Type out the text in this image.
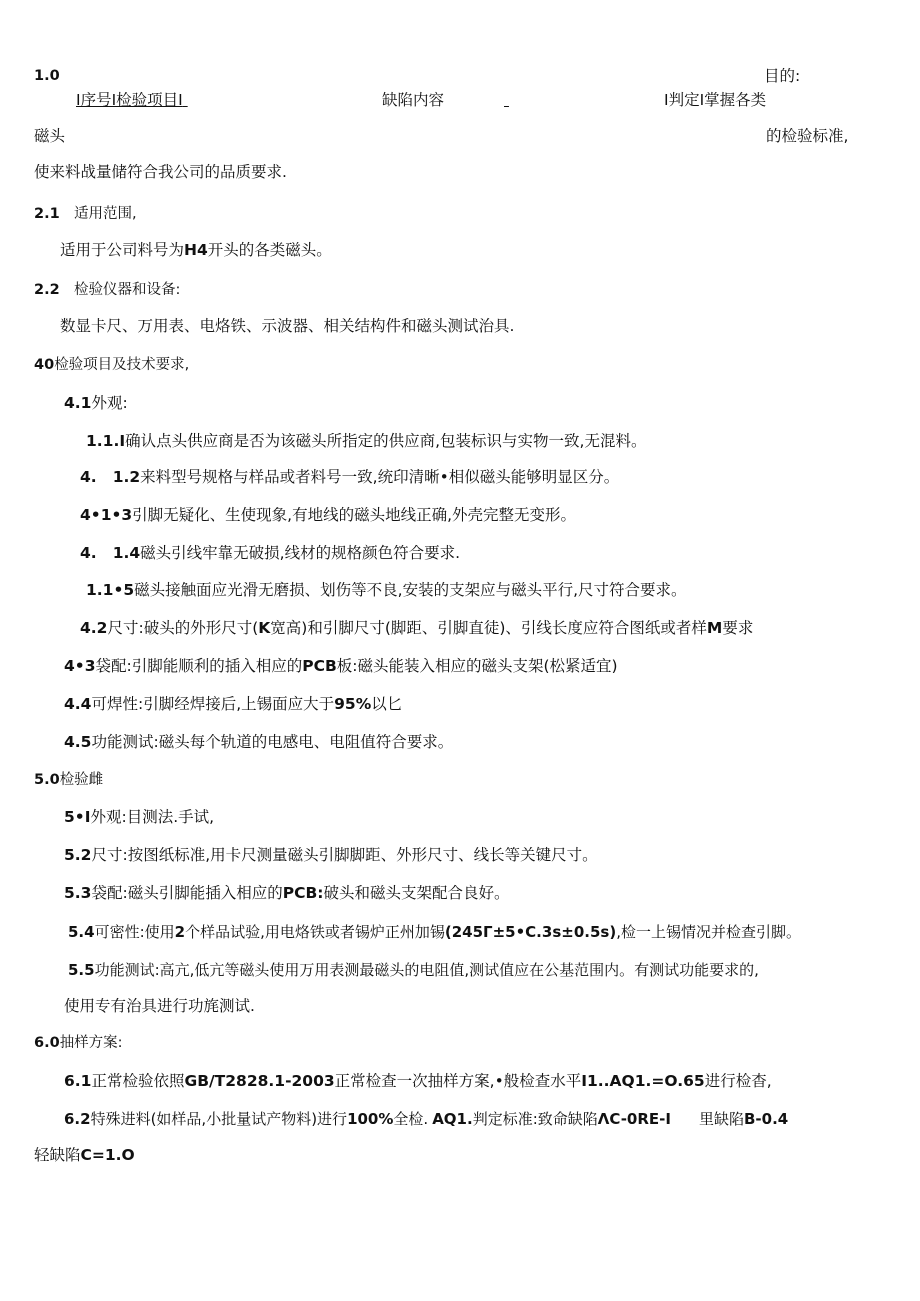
1.0	目的:
I序号I检验项目I	缺陷内容
	I判定I掌握各类
磁头	的检验标准,
使来料战量储符合我公司的品质要求.
2.1 适用范围,
适用于公司料号为H4开头的各类磁头。
2.2 检验仪器和设备:
数显卡尺、万用表、电烙铁、示波器、相关结构件和磁头测试治具.
40检验项目及技术要求,
4.1外观:
1.1.I确认点头供应商是否为该磁头所指定的供应商,包装标识与实物一致,无混料。
4. 1.2来料型号规格与样品或者料号一致,统印清晰•相似磁头能够明显区分。
4•1•3引脚无疑化、生使现象,有地线的磁头地线正确,外壳完整无变形。
4. 1.4磁头引线牢靠无破损,线材的规格颜色符合要求.
1.1•5磁头接触面应光滑无磨损、划伤等不良,安装的支架应与磁头平行,尺寸符合要求。
4.2尺寸:破头的外形尺寸(K宽高)和引脚尺寸(脚距、引脚直徒)、引线长度应符合图纸或者样M要求
4•3袋配:引脚能顺利的插入相应的PCB板:磁头能装入相应的磁头支架(松紧适宜)
4.4可焊性:引脚经焊接后,上锡面应大于95%以匕
4.5功能测试:磁头每个轨道的电感电、电阻值符合要求。
5.0检验雌
5•I外观:目测法.手试,
5.2尺寸:按图纸标准,用卡尺测量磁头引脚脚距、外形尺寸、线长等关键尺寸。
5.3袋配:磁头引脚能插入相应的PCB:破头和磁头支架配合良好。
5.4可密性:使用2个样品试验,用电烙铁或者锡炉正州加锡(245Γ±5•C.3s±0.5s),检一上锡情况并检查引脚。
5.5功能测试:高亢,低亢等磁头使用万用表测最磁头的电阻值,测试值应在公基范围内。有测试功能要求的,
使用专有治具进行功旄测试.
6.0抽样方案:
6.1正常检验依照GB/T2828.1-2003正常检查一次抽样方案,•般检查水平I1..AQ1.=O.65进行检杳,
6.2特殊进料(如样品,小批量试产物料)进行100%全检. AQ1.判定标准:致命缺陷ΛC-0RE-I 里缺陷B-0.4
轻缺陷C=1.O
